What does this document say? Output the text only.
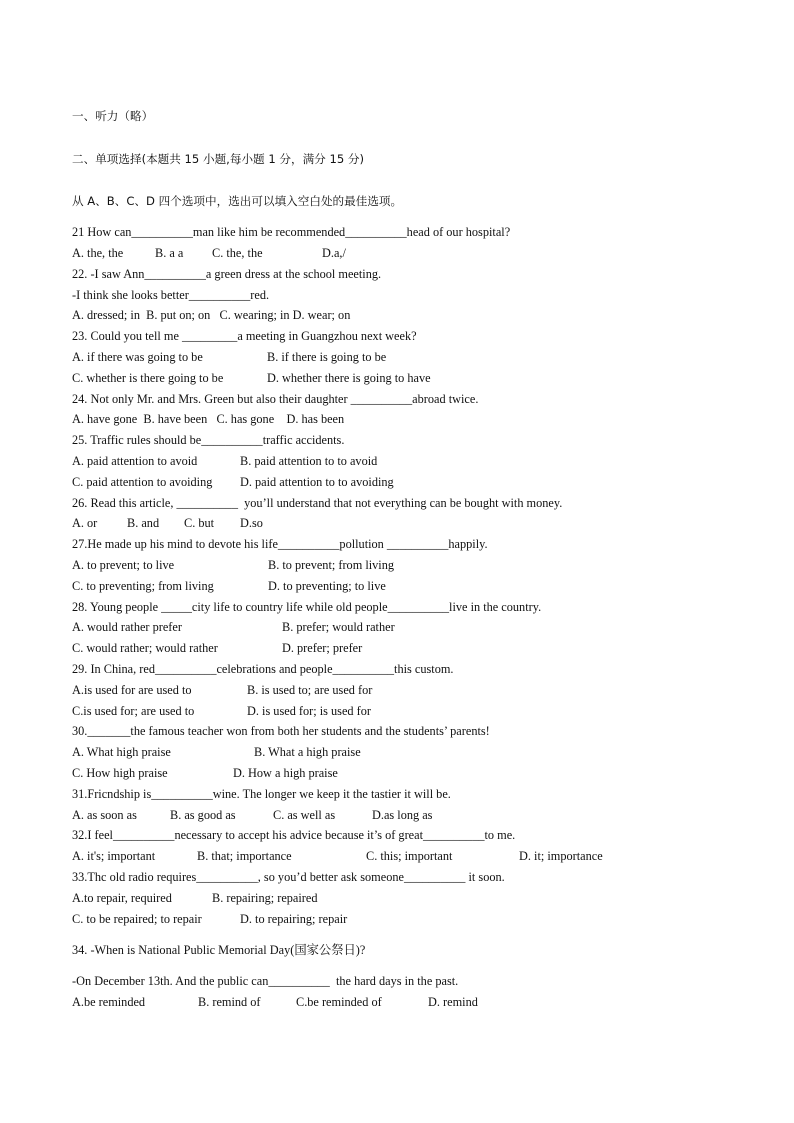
一、听力（略）
二、单项选择(本题共 15 小题,每小题 1 分，满分 15 分)
从 A、B、C、D 四个选项中，选出可以填入空白处的最佳选项。
21 How can__________man like him be recommended__________head of our hospital?
A. the, the	B. a a C. the, the	D.a,/
22. -I saw Ann__________a green dress at the school meeting.
-I think she looks better__________red.
A. dressed; in  B. put on; on   C. wearing; in D. wear; on
23. Could you tell me _________a meeting in Guangzhou next week?
A. if there was going to be	B. if there is going to be
C. whether is there going to be	D. whether there is going to have
24. Not only Mr. and Mrs. Green but also their daughter __________abroad twice.
A. have gone  B. have been   C. has gone    D. has been
25. Traffic rules should be__________traffic accidents.
A. paid attention to avoid	B. paid attention to to avoid
C. paid attention to avoiding D. paid attention to to avoiding
26. Read this article, __________  you’ll understand that not everything can be bought with money.
A. or B. and C. but D.so
27.He made up his mind to devote his life__________pollution __________happily.
A. to prevent; to live	B. to prevent; from living
C. to preventing; from living	D. to preventing; to live
28. Young people _____city life to country life while old people__________live in the country.
A. would rather prefer	B. prefer; would rather
C. would rather; would rather	D. prefer; prefer
29. In China, red__________celebrations and people__________this custom.
A.is used for are used to	B. is used to; are used for
C.is used for; are used to	D. is used for; is used for
30._______the famous teacher won from both her students and the students’ parents!
A. What high praise	B. What a high praise
C. How high praise	D. How a high praise
31.Fricndship is__________wine. The longer we keep it the tastier it will be.
A. as soon as	B. as good as	C. as well as	D.as long as
32.I feel__________necessary to accept his advice because it’s of great__________to me.
A. it's; important	B. that; importance	C. this; important	D. it; importance
33.Thc old radio requires__________, so you’d better ask someone__________ it soon.
A.to repair, required	B. repairing; repaired
C. to be repaired; to repair	D. to repairing; repair
34. -When is National Public Memorial Day(国家公祭日)?
-On December 13th. And the public can__________  the hard days in the past.
A.be reminded	B. remind of	C.be reminded of	D. remind
